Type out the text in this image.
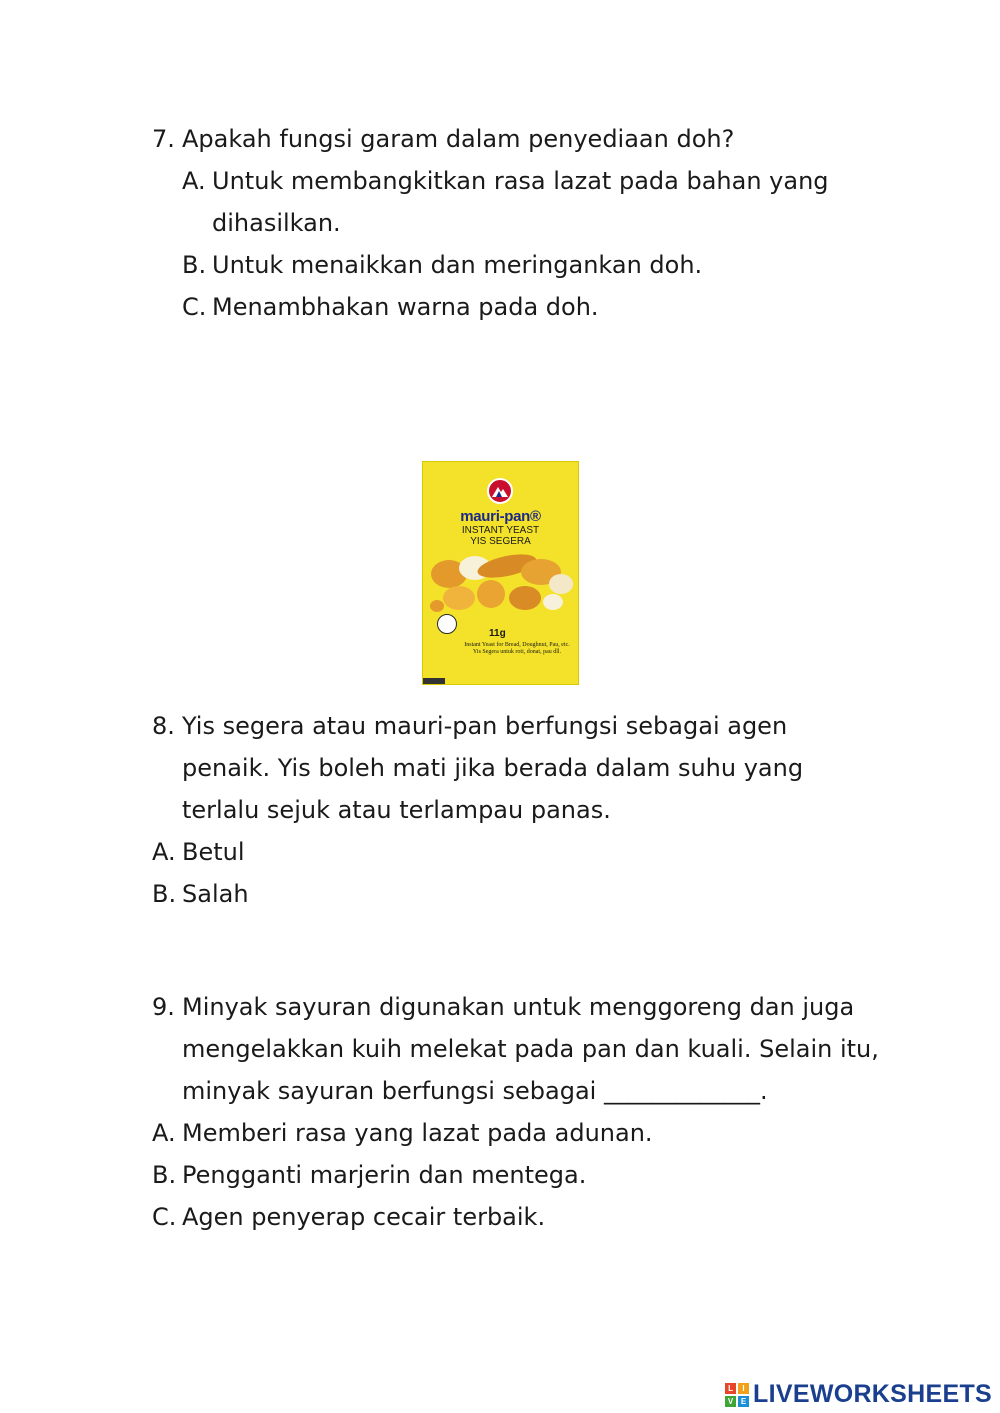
7. Apakah fungsi garam dalam penyediaan doh?
A. Untuk membangkitkan rasa lazat pada bahan yang dihasilkan.
B. Untuk menaikkan dan meringankan doh.
C. Menambhakan warna pada doh.
mauri-pan®
INSTANT YEAST
YIS SEGERA
11g
Instant Yeast for Bread, Doughnut, Pau, etc. Yis Segera untuk roti, donat, pau dll.
8. Yis segera atau mauri-pan berfungsi sebagai agen penaik. Yis boleh mati jika berada dalam suhu yang terlalu sejuk atau terlampau panas.
A. Betul
B. Salah
9. Minyak sayuran digunakan untuk menggoreng dan juga mengelakkan kuih melekat pada pan dan kuali. Selain itu, minyak sayuran berfungsi sebagai _____________.
A. Memberi rasa yang lazat pada adunan.
B. Pengganti marjerin dan mentega.
C. Agen penyerap cecair terbaik.
L	I
V E LIVEWORKSHEETS
